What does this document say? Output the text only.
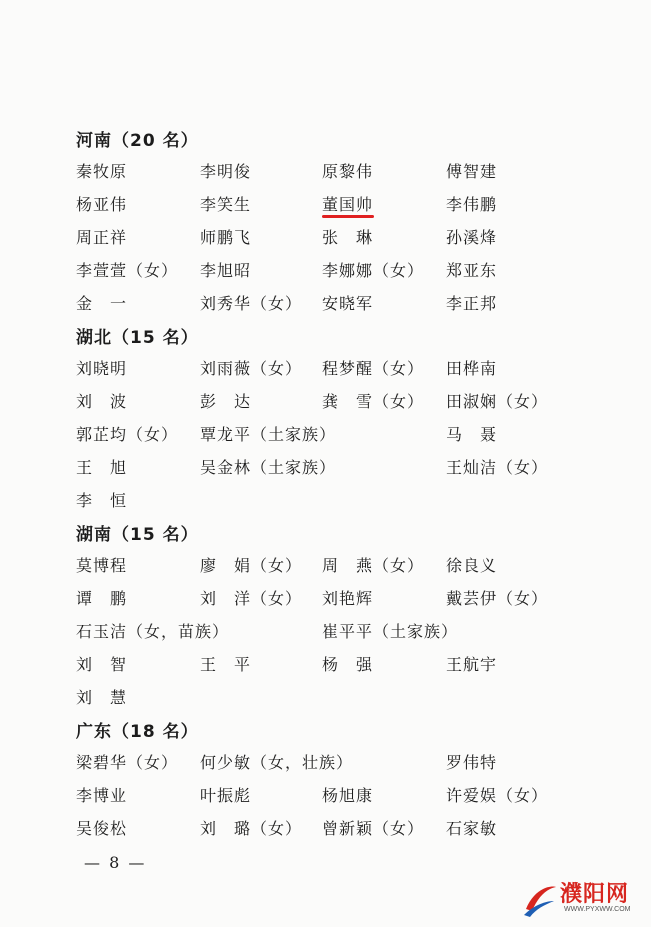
河南（20 名）
秦牧原	李明俊	原黎伟	傅智建
杨亚伟	李笑生	董国帅	李伟鹏
周正祥	师鹏飞	张　琳	孙溪烽
李萱萱（女） 李旭昭	李娜娜（女） 郑亚东
金　一	刘秀华（女） 安晓军	李正邦
湖北（15 名）
刘晓明	刘雨薇（女） 程梦醒（女） 田桦南
刘　波	彭　达	龚　雪（女） 田淑娴（女）
郭芷均（女） 覃龙平（土家族）	马　聂
王　旭	吴金林（土家族）	王灿洁（女）
李　恒
湖南（15 名）
莫博程	廖　娟（女） 周　燕（女） 徐良义
谭　鹏	刘　洋（女） 刘艳辉	戴芸伊（女）
石玉洁（女，苗族）	崔平平（土家族）
刘　智	王　平	杨　强	王航宇
刘　慧
广东（18 名）
梁碧华（女） 何少敏（女，壮族）	罗伟特
李博业	叶振彪	杨旭康	许爱娱（女）
吴俊松	刘　璐（女） 曾新颖（女） 石家敏
— 8 —
濮阳网
WWW.PYXWW.COM
